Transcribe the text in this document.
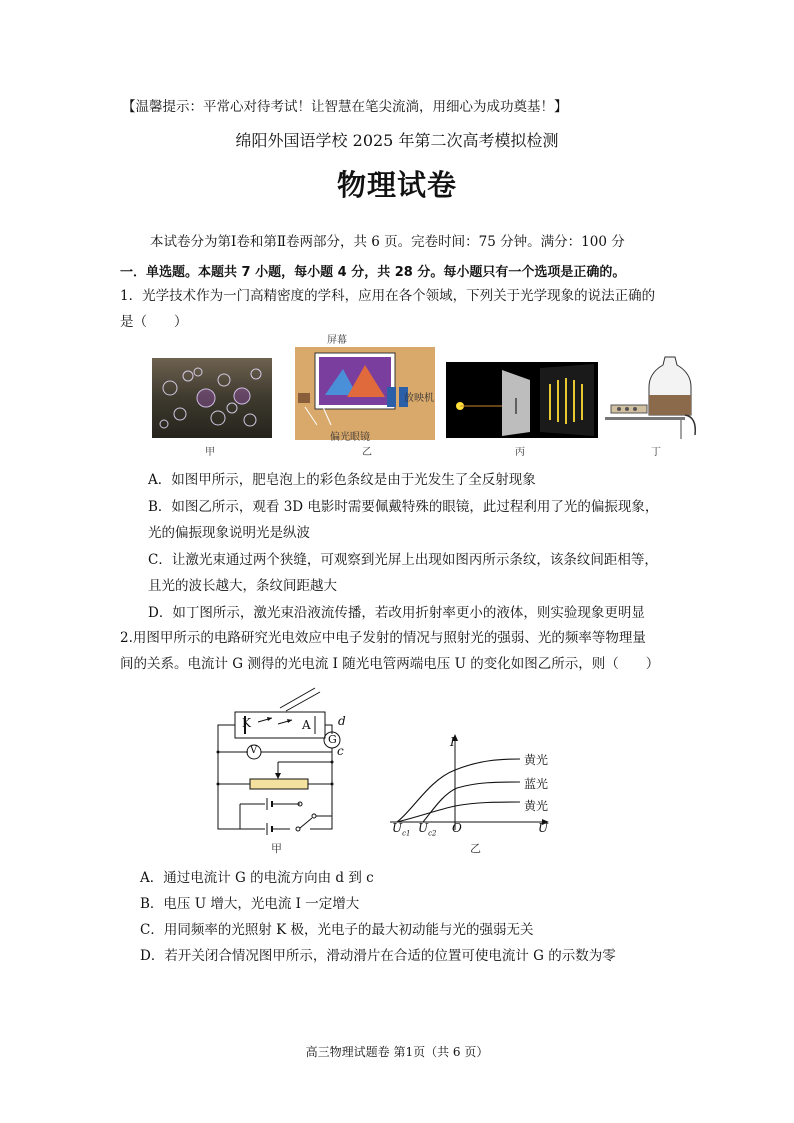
【温馨提示：平常心对待考试！让智慧在笔尖流淌，用细心为成功奠基！】
绵阳外国语学校 2025 年第二次高考模拟检测
物理试卷
本试卷分为第Ⅰ卷和第Ⅱ卷两部分，共 6 页。完卷时间：75 分钟。满分：100 分
一．单选题。本题共 7 小题，每小题 4 分，共 28 分。每小题只有一个选项是正确的。
1．光学技术作为一门高精密度的学科，应用在各个领域，下列关于光学现象的说法正确的
是（　　）
甲
屏幕
偏光眼镜
放映机
乙	丙	丁
A．如图甲所示，肥皂泡上的彩色条纹是由于光发生了全反射现象
B．如图乙所示，观看 3D 电影时需要佩戴特殊的眼镜，此过程利用了光的偏振现象，
光的偏振现象说明光是纵波
C．让激光束通过两个狭缝，可观察到光屏上出现如图丙所示条纹，该条纹间距相等，
且光的波长越大，条纹间距越大
D．如丁图所示，激光束沿液流传播，若改用折射率更小的液体，则实验现象更明显
2.用图甲所示的电路研究光电效应中电子发射的情况与照射光的强弱、光的频率等物理量
间的关系。电流计 G 测得的光电流 I 随光电管两端电压 U 的变化如图乙所示，则（　　）
K	A
G
V
d
c
甲
I
U
O
$U_{c1}$ $U_{c2}$
黄光
蓝光
黄光
乙
A．通过电流计 G 的电流方向由 d 到 c
B．电压 U 增大，光电流 I 一定增大
C．用同频率的光照射 K 极，光电子的最大初动能与光的强弱无关
D．若开关闭合情况图甲所示，滑动滑片在合适的位置可使电流计 G 的示数为零
高三物理试题卷 第1页（共 6 页）
